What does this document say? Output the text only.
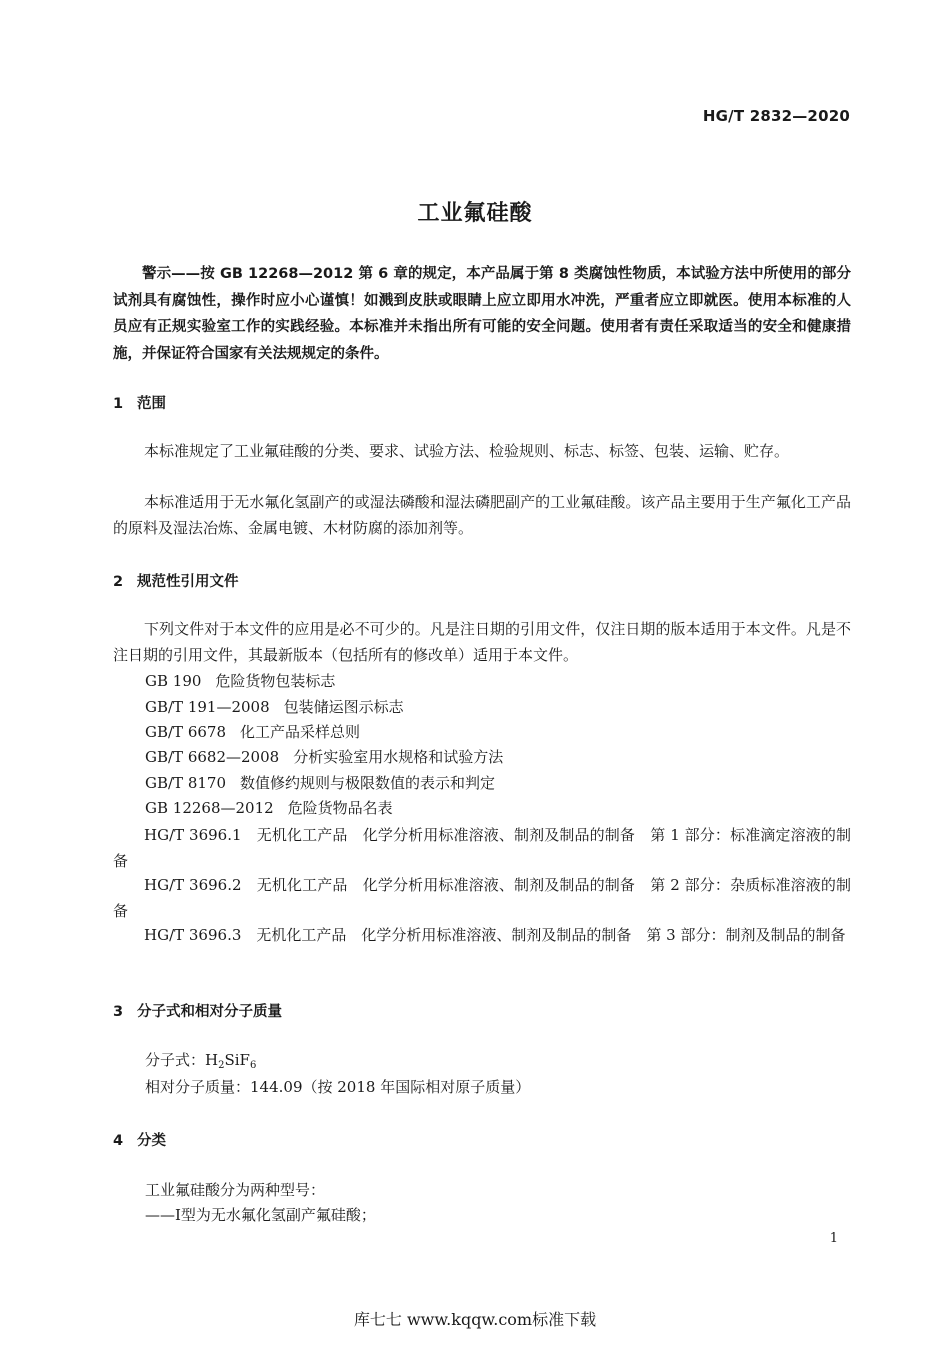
HG/T 2832—2020
工业氟硅酸
警示——按 GB 12268—2012 第 6 章的规定，本产品属于第 8 类腐蚀性物质，本试验方法中所使用的部分试剂具有腐蚀性，操作时应小心谨慎！如溅到皮肤或眼睛上应立即用水冲洗，严重者应立即就医。使用本标准的人员应有正规实验室工作的实践经验。本标准并未指出所有可能的安全问题。使用者有责任采取适当的安全和健康措施，并保证符合国家有关法规规定的条件。
1 范围

本标准规定了工业氟硅酸的分类、要求、试验方法、检验规则、标志、标签、包装、运输、贮存。

本标准适用于无水氟化氢副产的或湿法磷酸和湿法磷肥副产的工业氟硅酸。该产品主要用于生产氟化工产品的原料及湿法冶炼、金属电镀、木材防腐的添加剂等。

2 规范性引用文件

下列文件对于本文件的应用是必不可少的。凡是注日期的引用文件，仅注日期的版本适用于本文件。凡是不注日期的引用文件，其最新版本（包括所有的修改单）适用于本文件。

GB 190 危险货物包装标志
GB/T 191—2008 包装储运图示标志
GB/T 6678 化工产品采样总则
GB/T 6682—2008 分析实验室用水规格和试验方法
GB/T 8170 数值修约规则与极限数值的表示和判定
GB 12268—2012 危险货物品名表

HG/T 3696.1　无机化工产品　化学分析用标准溶液、制剂及制品的制备　第 1 部分：标准滴定溶液的制备

HG/T 3696.2　无机化工产品　化学分析用标准溶液、制剂及制品的制备　第 2 部分：杂质标准溶液的制备

HG/T 3696.3　无机化工产品　化学分析用标准溶液、制剂及制品的制备　第 3 部分：制剂及制品的制备

3 分子式和相对分子质量
分子式：$H_2SiF_6$
相对分子质量：144.09（按 2018 年国际相对原子质量）
4 分类
工业氟硅酸分为两种型号：
——Ⅰ型为无水氟化氢副产氟硅酸；
1
库七七 www.kqqw.com标准下载
